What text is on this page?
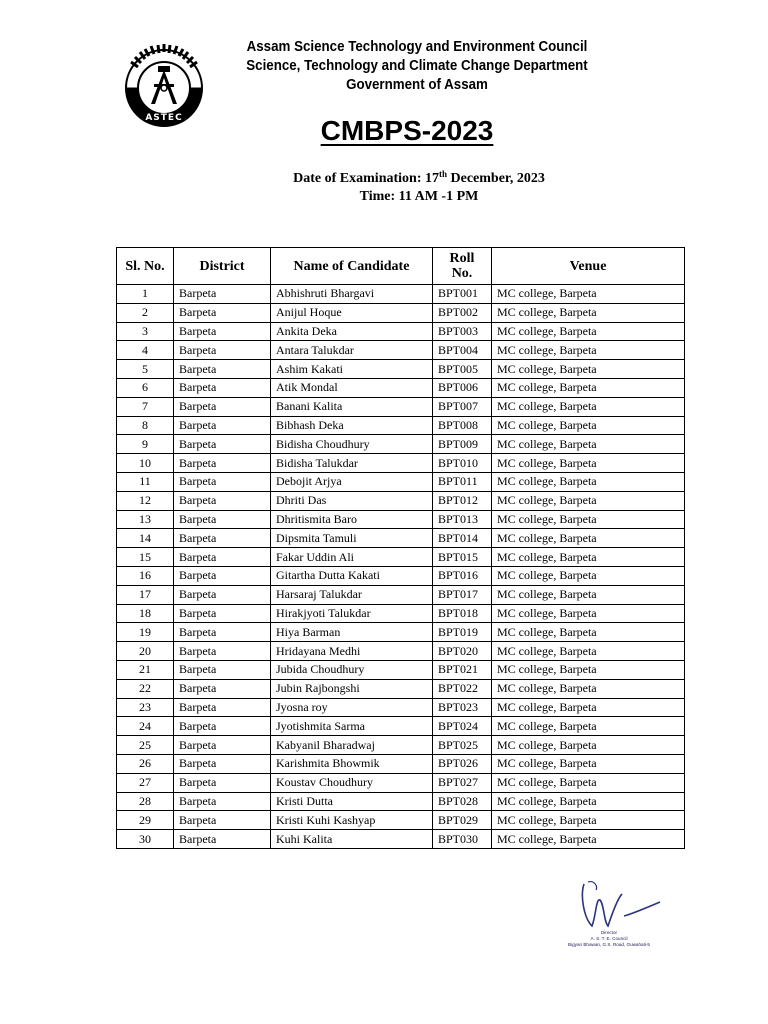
ASTEC
Assam Science Technology and Environment Council
Science, Technology and Climate Change Department
Government of Assam
CMBPS-2023
Date of Examination: 17th December, 2023
Time: 11 AM -1 PM
Sl. No.	District	Name of Candidate	Roll No.	Venue
1	Barpeta	Abhishruti Bhargavi	BPT001	MC college, Barpeta
2	Barpeta	Anijul Hoque	BPT002	MC college, Barpeta
3	Barpeta	Ankita Deka	BPT003	MC college, Barpeta
4	Barpeta	Antara Talukdar	BPT004	MC college, Barpeta
5	Barpeta	Ashim Kakati	BPT005	MC college, Barpeta
6	Barpeta	Atik Mondal	BPT006	MC college, Barpeta
7	Barpeta	Banani Kalita	BPT007	MC college, Barpeta
8	Barpeta	Bibhash Deka	BPT008	MC college, Barpeta
9	Barpeta	Bidisha Choudhury	BPT009	MC college, Barpeta
10	Barpeta	Bidisha Talukdar	BPT010	MC college, Barpeta
11	Barpeta	Debojit Arjya	BPT011	MC college, Barpeta
12	Barpeta	Dhriti Das	BPT012	MC college, Barpeta
13	Barpeta	Dhritismita Baro	BPT013	MC college, Barpeta
14	Barpeta	Dipsmita Tamuli	BPT014	MC college, Barpeta
15	Barpeta	Fakar Uddin Ali	BPT015	MC college, Barpeta
16	Barpeta	Gitartha Dutta Kakati	BPT016	MC college, Barpeta
17	Barpeta	Harsaraj Talukdar	BPT017	MC college, Barpeta
18	Barpeta	Hirakjyoti Talukdar	BPT018	MC college, Barpeta
19	Barpeta	Hiya Barman	BPT019	MC college, Barpeta
20	Barpeta	Hridayana Medhi	BPT020	MC college, Barpeta
21	Barpeta	Jubida Choudhury	BPT021	MC college, Barpeta
22	Barpeta	Jubin Rajbongshi	BPT022	MC college, Barpeta
23	Barpeta	Jyosna roy	BPT023	MC college, Barpeta
24	Barpeta	Jyotishmita Sarma	BPT024	MC college, Barpeta
25	Barpeta	Kabyanil Bharadwaj	BPT025	MC college, Barpeta
26	Barpeta	Karishmita Bhowmik	BPT026	MC college, Barpeta
27	Barpeta	Koustav Choudhury	BPT027	MC college, Barpeta
28	Barpeta	Kristi Dutta	BPT028	MC college, Barpeta
29	Barpeta	Kristi Kuhi Kashyap	BPT029	MC college, Barpeta
30	Barpeta	Kuhi Kalita	BPT030	MC college, Barpeta
Director
A. S. T. E. Council
Bigyan Bhawan, G.S. Road, Guwahati-5
